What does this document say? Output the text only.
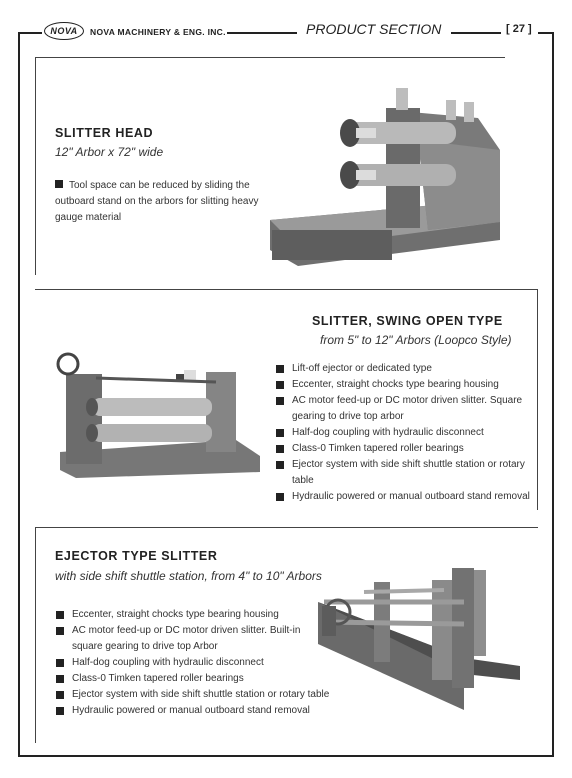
NOVA	NOVA MACHINERY & ENG. INC.	PRODUCT SECTION	[ 27 ]
SLITTER HEAD
12" Arbor x 72" wide
Tool space can be reduced by sliding the outboard stand on the arbors for slitting heavy gauge material
SLITTER, SWING OPEN TYPE
from 5" to 12" Arbors (Loopco Style)
Lift-off ejector or dedicated type
Eccenter, straight chocks type bearing housing
AC motor feed-up or DC motor driven slitter. Square gearing to drive top arbor
Half-dog coupling with hydraulic disconnect
Class-0 Timken tapered roller bearings
Ejector system with side shift shuttle station or rotary table
Hydraulic powered or manual outboard stand removal
EJECTOR TYPE SLITTER
with side shift shuttle station, from 4" to 10" Arbors
Eccenter, straight chocks type bearing housing
AC motor feed-up or DC motor driven slitter. Built-in square gearing to drive top Arbor
Half-dog coupling with hydraulic disconnect
Class-0 Timken tapered roller bearings
Ejector system with side shift shuttle station or rotary table
Hydraulic powered or manual outboard stand removal
